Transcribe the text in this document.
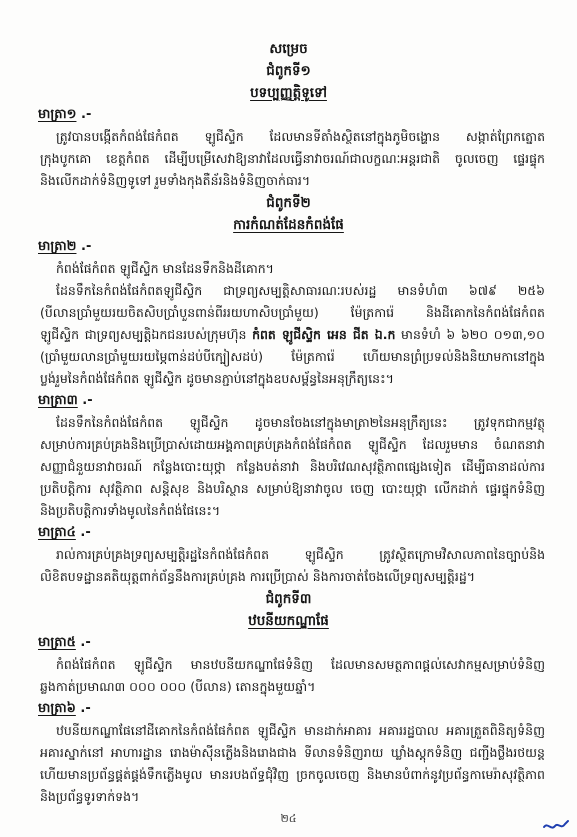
សម្រេច
ជំពូកទី១
បទប្បញ្ញត្តិទូទៅ
មាត្រា១ .-
ត្រូវបានបង្កើតកំពង់ផែកំពត ឡូជីស្ទិក ដែលមានទីតាំងស្ថិតនៅក្នុងភូមិចង្ហោន សង្កាត់ព្រែកត្នោត
ក្រុងបូកគោ ខេត្តកំពត ដើម្បីបម្រើសេវាឱ្យនាវាដែលធ្វើនាវាចរណ៍ជាលក្ខណៈអន្តរជាតិ ចូលចេញ ផ្ទេរផ្ទុក
និងលើកដាក់ទំនិញទូទៅ រួមទាំងកុងតឺន័រនិងទំនិញចាក់ធារ។
ជំពូកទី២
ការកំណត់ដែនកំពង់ផែ
មាត្រា២ .-
កំពង់ផែកំពត ឡូជីស្ទិក មានដែនទឹកនិងដីគោក។
ដែនទឹកនៃកំពង់ផែកំពតឡូជីស្ទិក ជាទ្រព្យសម្បត្តិសាធារណៈរបស់រដ្ឋ មានទំហំ៣ ៦៧៩ ២៥៦
(បីលានប្រាំមួយរយចិតសិបប្រាំបួនពាន់ពីររយហាសិបប្រាំមួយ) ម៉ែត្រការ៉េ និងដីគោកនៃកំពង់ផែកំពត
ឡូជីស្ទិក ជាទ្រព្យសម្បត្តិឯកជនរបស់ក្រុមហ៊ុន កំពត ឡូជីស្ទិក អេន ជីត ឯ.ក មានទំហំ ៦ ៦២០ ០១៣,១០
(ប្រាំមួយលានប្រាំមួយរយម្ភៃពាន់ដប់បីក្បៀសដប់) ម៉ែត្រការ៉េ ហើយមានព្រំប្រទល់និងនិយាមកានៅក្នុង
ប្លង់រួមនៃកំពង់ផែកំពត ឡូជីស្ទិក ដូចមានភ្ជាប់នៅក្នុងឧបសម្ព័ន្ធនៃអនុក្រឹត្យនេះ។
មាត្រា៣ .-
ដែនទឹកនៃកំពង់ផែកំពត ឡូជីស្ទិក ដូចមានចែងនៅក្នុងមាត្រា២នៃអនុក្រឹត្យនេះ ត្រូវទុកជាកម្មវត្ថុ
សម្រាប់ការគ្រប់គ្រងនិងប្រើប្រាស់ដោយអង្គភាពគ្រប់គ្រងកំពង់ផែកំពត ឡូជីស្ទិក ដែលរួមមាន ចំណតនាវា
សញ្ញាជំនួយនាវាចរណ៍ កន្លែងបោះយុថ្កា កន្លែងបត់នាវា និងបរិវេណសុវត្ថិភាពផ្សេងទៀត ដើម្បីធានាដល់ការ
ប្រតិបត្តិការ សុវត្ថិភាព សន្តិសុខ និងបរិស្ថាន សម្រាប់ឱ្យនាវាចូល ចេញ បោះយុថ្កា លើកដាក់ ផ្ទេរផ្ទុកទំនិញ
និងប្រតិបត្តិការទាំងមូលនៃកំពង់ផែនេះ។
មាត្រា៤ .-
រាល់ការគ្រប់គ្រងទ្រព្យសម្បត្តិរដ្ឋនៃកំពង់ផែកំពត ឡូជីស្ទិក ត្រូវស្ថិតក្រោមវិសាលភាពនៃច្បាប់និង
លិខិតបទដ្ឋានគតិយុត្តពាក់ព័ន្ធនឹងការគ្រប់គ្រង ការប្រើប្រាស់ និងការចាត់ចែងលើទ្រព្យសម្បត្តិរដ្ឋ។
ជំពូកទី៣
ឋបនីយកណ្ឌាផែ
មាត្រា៥ .-
កំពង់ផែកំពត ឡូជីស្ទិក មានឋបនីយកណ្ឌាផែទំនិញ ដែលមានសមត្ថភាពផ្តល់សេវាកម្មសម្រាប់ទំនិញ
ឆ្លងកាត់ប្រមាណ៣ ០០០ ០០០ (បីលាន) តោនក្នុងមួយឆ្នាំ។
មាត្រា៦ .-
ឋបនីយកណ្ឌាផែនៅដីគោកនៃកំពង់ផែកំពត ឡូជីស្ទិក មានដាក់អាគារ អគាររដ្ឋបាល អគារត្រួតពិនិត្យទំនិញ
អគារស្នាក់នៅ អាហារដ្ឋាន រោងម៉ាស៊ីនភ្លើងនិងរោងជាង ទីលានទំនិញរាយ ឃ្លាំងស្តុកទំនិញ ជញ្ជីងថ្លឹងរថយន្ត
ហើយមានប្រព័ន្ធផ្គត់ផ្គង់ទឹកភ្លើងមូល មានរបងព័ទ្ធជុំវិញ ច្រកចូលចេញ និងមានបំពាក់នូវប្រព័ន្ធកាមេរ៉ាសុវត្ថិភាព
និងប្រព័ន្ធទូរទាក់ទង។
២៤
